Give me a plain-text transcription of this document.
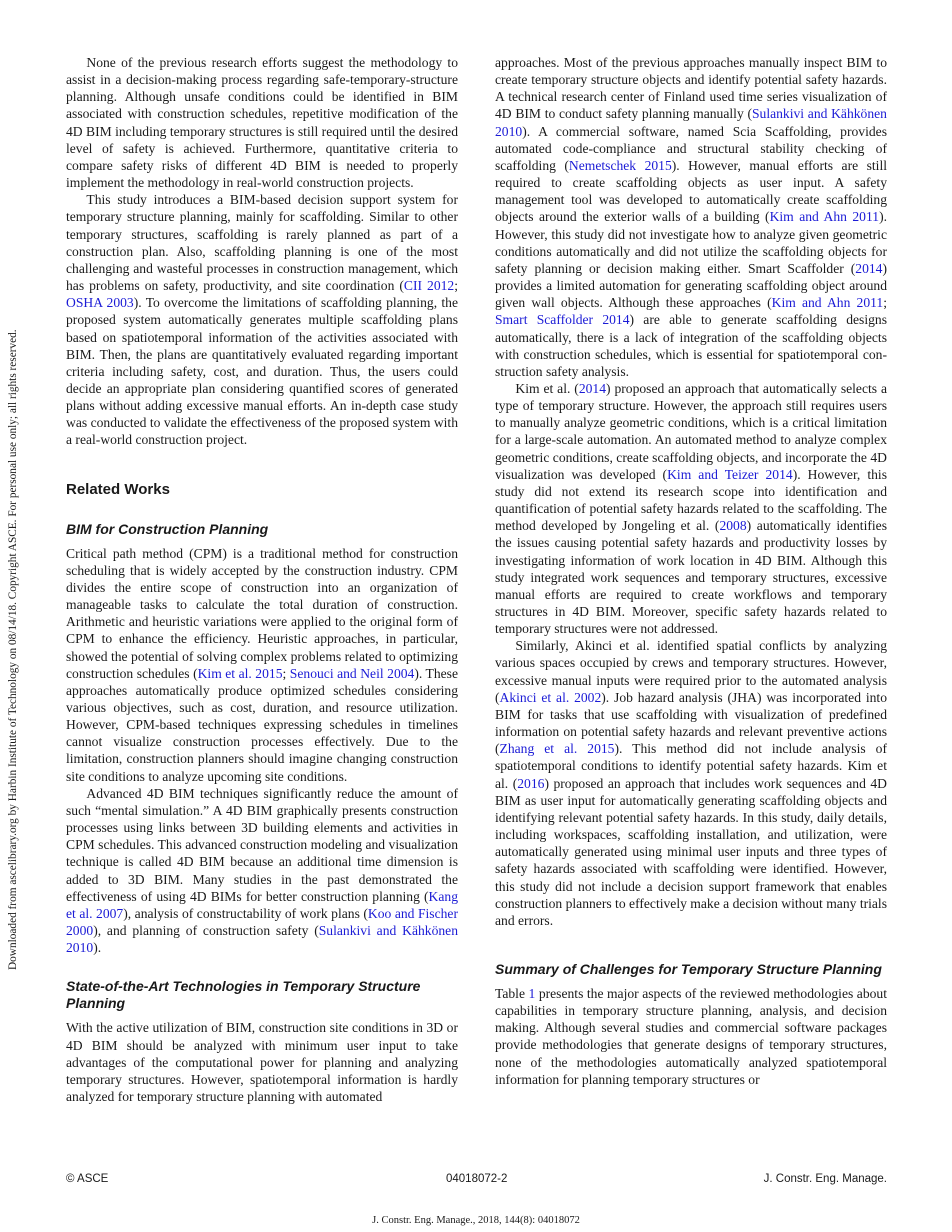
Downloaded from ascelibrary.org by Harbin Institute of Technology on 08/14/18. Copyright ASCE. For personal use only; all rights reserved.

None of the previous research efforts suggest the methodology to assist in a decision-making process regarding safe-temporary-structure planning. Although unsafe conditions could be identified in BIM associated with construction schedules, repetitive modification of the 4D BIM including temporary structures is still required until the desired level of safety is achieved. Furthermore, quantitative criteria to compare safety risks of different 4D BIM is needed to properly implement the methodology in real-world construction projects.

This study introduces a BIM-based decision support system for temporary structure planning, mainly for scaffolding. Similar to other temporary structures, scaffolding is rarely planned as part of a construction plan. Also, scaffolding planning is one of the most challenging and wasteful processes in construction management, which has problems on safety, productivity, and site coordination (CII 2012; OSHA 2003). To overcome the limitations of scaffolding planning, the proposed system automatically generates multiple scaffolding plans based on spatiotemporal information of the activities associated with BIM. Then, the plans are quantitatively evaluated regarding important criteria including safety, cost, and duration. Thus, the users could decide an appropriate plan considering quantified scores of generated plans without adding excessive manual efforts. An in-depth case study was conducted to validate the effectiveness of the proposed system with a real-world construction project.

Related Works
BIM for Construction Planning

Critical path method (CPM) is a traditional method for construction scheduling that is widely accepted by the construction industry. CPM divides the entire scope of construction into an organization of manageable tasks to calculate the total duration of construction. Arithmetic and heuristic variations were applied to the original form of CPM to enhance the efficiency. Heuristic approaches, in particular, showed the potential of solving complex problems related to optimizing construction schedules (Kim et al. 2015; Senouci and Neil 2004). These approaches automatically produce optimized schedules considering various objectives, such as cost, duration, and resource utilization. However, CPM-based techniques expressing schedules in timelines cannot visualize construction processes effectively. Due to the limitation, construction planners should imagine changing construction site conditions to analyze upcoming site conditions.

Advanced 4D BIM techniques significantly reduce the amount of such “mental simulation.” A 4D BIM graphically presents construction processes using links between 3D building elements and activities in CPM schedules. This advanced construction modeling and visualization technique is called 4D BIM because an additional time dimension is added to 3D BIM. Many studies in the past demonstrated the effectiveness of using 4D BIMs for better construction planning (Kang et al. 2007), analysis of constructability of work plans (Koo and Fischer 2000), and planning of construction safety (Sulankivi and Kähkönen 2010).

State-of-the-Art Technologies in Temporary Structure Planning

With the active utilization of BIM, construction site conditions in 3D or 4D BIM should be analyzed with minimum user input to take advantages of the computational power for planning and analyzing temporary structures. However, spatiotemporal information is hardly analyzed for temporary structure planning with automated

approaches. Most of the previous approaches manually inspect BIM to create temporary structure objects and identify potential safety hazards. A technical research center of Finland used time series visualization of 4D BIM to conduct safety planning manually (Sulankivi and Kähkönen 2010). A commercial software, named Scia Scaffolding, provides automated code-compliance and structural stability checking of scaffolding (Nemetschek 2015). However, manual efforts are still required to create scaffolding objects as user input. A safety management tool was developed to automatically create scaffolding objects around the exterior walls of a building (Kim and Ahn 2011). However, this study did not investigate how to analyze given geometric conditions automatically and did not utilize the scaffolding objects for safety planning or decision making either. Smart Scaffolder (2014) provides a limited automation for generating scaffolding object around given wall objects. Although these approaches (Kim and Ahn 2011; Smart Scaffolder 2014) are able to generate scaffolding designs automatically, there is a lack of integration of the scaffolding objects with construction schedules, which is essential for spatiotemporal construction safety analysis.

Kim et al. (2014) proposed an approach that automatically selects a type of temporary structure. However, the approach still requires users to manually analyze geometric conditions, which is a critical limitation for a large-scale automation. An automated method to analyze complex geometric conditions, create scaffolding objects, and incorporate the 4D visualization was developed (Kim and Teizer 2014). However, this study did not extend its research scope into identification and quantification of potential safety hazards related to the scaffolding. The method developed by Jongeling et al. (2008) automatically identifies the issues causing potential safety hazards and productivity losses by investigating information of work location in 4D BIM. Although this study integrated work sequences and temporary structures, excessive manual efforts are required to create workflows and temporary structures in 4D BIM. Moreover, specific safety hazards related to temporary structures were not addressed.

Similarly, Akinci et al. identified spatial conflicts by analyzing various spaces occupied by crews and temporary structures. However, excessive manual inputs were required prior to the automated analysis (Akinci et al. 2002). Job hazard analysis (JHA) was incorporated into BIM for tasks that use scaffolding with visualization of predefined information on potential safety hazards and relevant preventive actions (Zhang et al. 2015). This method did not include analysis of spatiotemporal conditions to identify potential safety hazards. Kim et al. (2016) proposed an approach that includes work sequences and 4D BIM as user input for automatically generating scaffolding objects and identifying relevant potential safety hazards. In this study, daily details, including workspaces, scaffolding installation, and utilization, were automatically generated using minimal user inputs and three types of safety hazards associated with scaffolding were identified. However, this study did not include a decision support framework that enables construction planners to effectively make a decision without many trials and errors.

Summary of Challenges for Temporary Structure Planning

Table 1 presents the major aspects of the reviewed methodologies about capabilities in temporary structure planning, analysis, and decision making. Although several studies and commercial software packages provide methodologies that generate designs of temporary structures, none of the methodologies automatically analyzed spatiotemporal information for planning temporary structures or

© ASCE	04018072-2	J. Constr. Eng. Manage.
J. Constr. Eng. Manage., 2018, 144(8): 04018072
